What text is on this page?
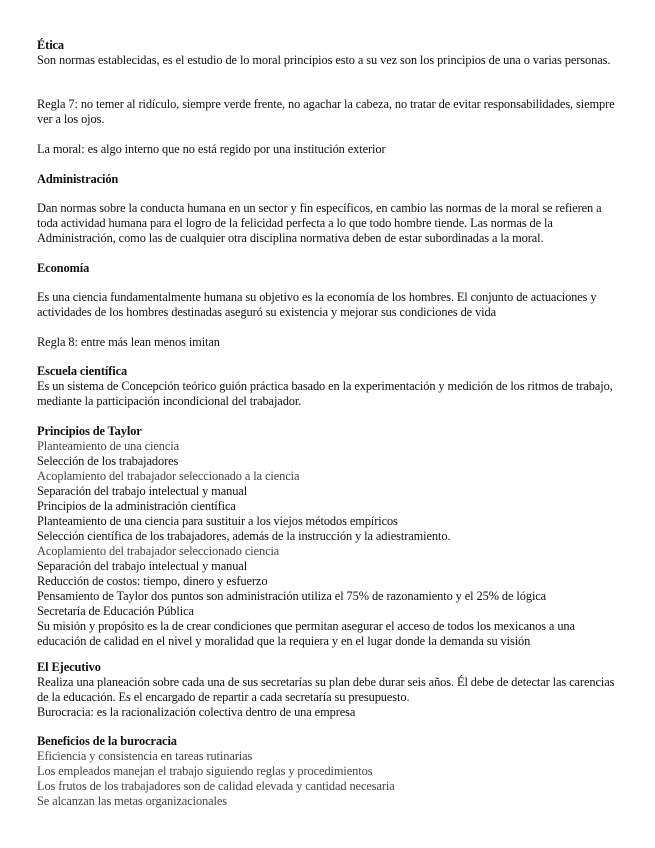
Ética
Son normas establecidas, es el estudio de lo moral principios esto a su vez son los principios de una o varias personas.
Regla 7: no temer al ridículo, siempre verde frente, no agachar la cabeza, no tratar de evitar responsabilidades, siempre ver a los ojos.
La moral: es algo interno que no está regido por una institución exterior
Administración
Dan normas sobre la conducta humana en un sector y fin específicos, en cambio las normas de la moral se refieren a toda actividad humana para el logro de la felicidad perfecta a lo que todo hombre tiende. Las normas de la Administración, como las de cualquier otra disciplina normativa deben de estar subordinadas a la moral.
Economía
Es una ciencia fundamentalmente humana su objetivo es la economía de los hombres. El conjunto de actuaciones y actividades de los hombres destinadas aseguró su existencia y mejorar sus condiciones de vida
Regla 8: entre más lean menos imitan
Escuela científica
Es un sistema de Concepción teórico guión práctica basado en la experimentación y medición de los ritmos de trabajo, mediante la participación incondicional del trabajador.
Principios de Taylor
Planteamiento de una ciencia
Selección de los trabajadores
Acoplamiento del trabajador seleccionado a la ciencia
Separación del trabajo intelectual y manual
Principios de la administración científica
Planteamiento de una ciencia para sustituir a los viejos métodos empíricos
Selección científica de los trabajadores, además de la instrucción y la adiestramiento.
Acoplamiento del trabajador seleccionado ciencia
Separación del trabajo intelectual y manual
Reducción de costos: tiempo, dinero y esfuerzo
Pensamiento de Taylor dos puntos son administración utiliza el 75% de razonamiento y el 25% de lógica
Secretaría de Educación Pública
Su misión y propósito es la de crear condiciones que permitan asegurar el acceso de todos los mexicanos a una educación de calidad en el nivel y moralidad que la requiera y en el lugar donde la demanda su visión
El Ejecutivo
Realiza una planeación sobre cada una de sus secretarías su plan debe durar seis años. Él debe de detectar las carencias de la educación. Es el encargado de repartir a cada secretaría su presupuesto.
Burocracia: es la racionalización colectiva dentro de una empresa
Beneficios de la burocracia
Eficiencia y consistencia en tareas rutinarias
Los empleados manejan el trabajo siguiendo reglas y procedimientos
Los frutos de los trabajadores son de calidad elevada y cantidad necesaria
Se alcanzan las metas organizacionales
